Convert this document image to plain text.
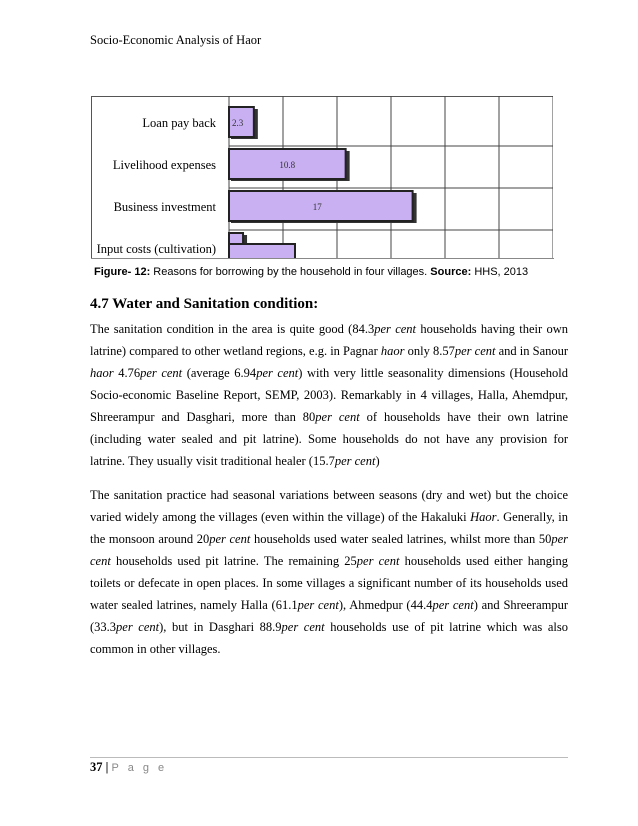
Socio-Economic Analysis of Haor
Loan pay back 2.3
Livelihood expenses	10.8
Business investment	17
Input costs (cultivation)
Figure- 12: Reasons for borrowing by the household in four villages. Source: HHS, 2013
4.7 Water and Sanitation condition:
The sanitation condition in the area is quite good (84.3per cent households having their own
latrine) compared to other wetland regions, e.g. in Pagnar haor only 8.57per cent and in Sanour
haor 4.76per cent (average 6.94per cent) with very little seasonality dimensions (Household
Socio-economic Baseline Report, SEMP, 2003). Remarkably in 4 villages, Halla, Ahemdpur,
Shreerampur and Dasghari, more than 80per cent of households have their own latrine
(including water sealed and pit latrine). Some households do not have any provision for
latrine. They usually visit traditional healer (15.7per cent)
The sanitation practice had seasonal variations between seasons (dry and wet) but the choice
varied widely among the villages (even within the village) of the Hakaluki Haor. Generally, in
the monsoon around 20per cent households used water sealed latrines, whilst more than 50per
cent households used pit latrine. The remaining 25per cent households used either hanging
toilets or defecate in open places. In some villages a significant number of its households used
water sealed latrines, namely Halla (61.1per cent), Ahmedpur (44.4per cent) and Shreerampur
(33.3per cent), but in Dasghari 88.9per cent households use of pit latrine which was also
common in other villages.
37 | P a g e
